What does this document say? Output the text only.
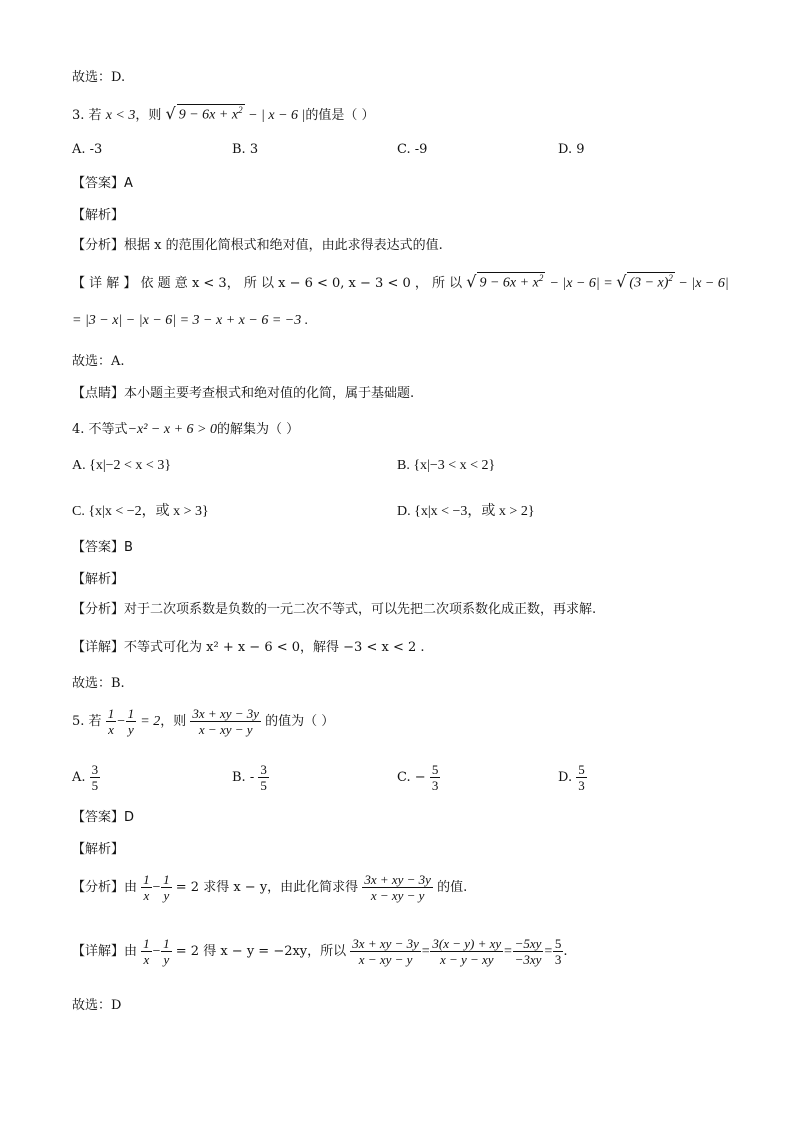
故选：D.
3. 若 x < 3，则 √ $9 - 6x + x^2$ − | x − 6 |的值是（ ）
A. -3	B. 3	C. -9	D. 9
【答案】A
【解析】
【分析】根据 x 的范围化简根式和绝对值，由此求得表达式的值.
【 详 解 】 依 题 意 x < 3， 所 以 x − 6 < 0, x − 3 < 0 ， 所 以 √ $9 - 6x + x^2 - |x - 6|$ = √ $(3 - x)^2 - |x - 6|$
= |3 − x| − |x − 6| = 3 − x + x − 6 = −3 .
故选：A.
【点睛】本小题主要考查根式和绝对值的化简，属于基础题.
4. 不等式−x² − x + 6 > 0的解集为（ ）
A. {x|−2 < x < 3}	B. {x|−3 < x < 2}
C. {x|x < −2，或 x > 3}	D. {x|x < −3，或 x > 2}
【答案】B
【解析】
【分析】对于二次项系数是负数的一元二次不等式，可以先把二次项系数化成正数，再求解.
【详解】不等式可化为 x² + x − 6 < 0，解得 −3 < x < 2 .
故选：B.
5. 若 $\frac{1}{x} - \frac{1}{y} = 2$，则 $\frac{3x + xy - 3y}{x - xy - y}$ 的值为（ ）
A. $\frac{3}{5}$	B. - $\frac{3}{5}$	C. − $\frac{5}{3}$	D. $\frac{5}{3}$
【答案】D
【解析】
【分析】由 $\frac{1}{x} - \frac{1}{y} = 2$ 求得 x − y，由此化简求得 $\frac{3x + xy - 3y}{x - xy - y}$ 的值.
【详解】由 $\frac{1}{x} - \frac{1}{y} = 2$ 得 x − y = −2xy，所以 $\frac{3x + xy - 3y}{x - xy - y} = \frac{3(x - y) + xy}{x - y - xy} = \frac{-5xy}{-3xy} = \frac{5}{3}$ .
故选：D
